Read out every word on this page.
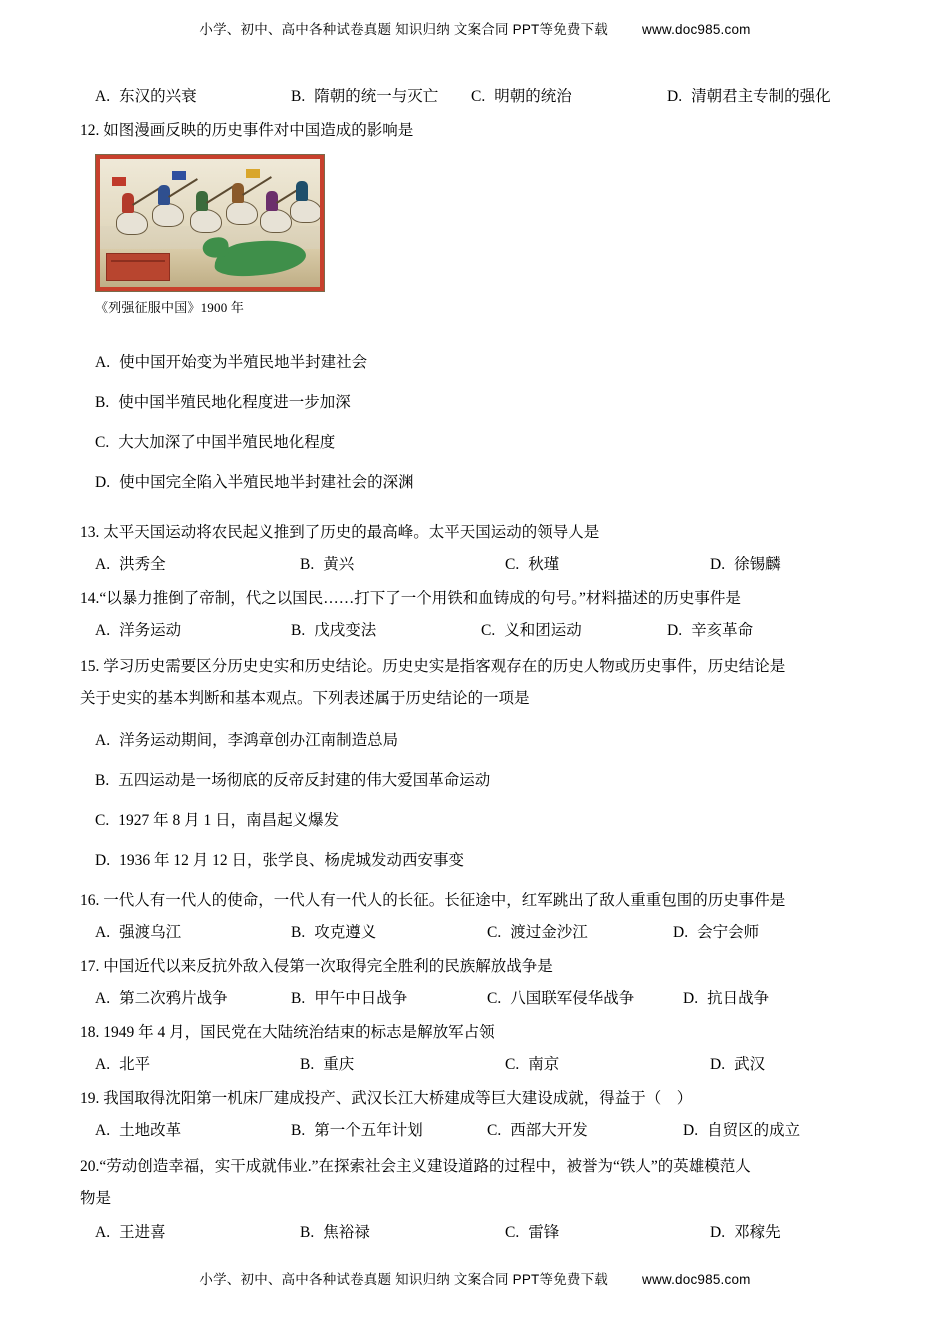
小学、初中、高中各种试卷真题 知识归纳 文案合同 PPT等免费下载	www.doc985.com
A. 东汉的兴衰	B. 隋朝的统一与灭亡 C. 明朝的统治	D. 清朝君主专制的强化

12. 如图漫画反映的历史事件对中国造成的影响是

《列强征服中国》1900 年
A. 使中国开始变为半殖民地半封建社会
B. 使中国半殖民地化程度进一步加深
C. 大大加深了中国半殖民地化程度
D. 使中国完全陷入半殖民地半封建社会的深渊

13. 太平天国运动将农民起义推到了历史的最高峰。太平天国运动的领导人是

A. 洪秀全	B. 黄兴	C. 秋瑾	D. 徐锡麟

14.“以暴力推倒了帝制，代之以国民……打下了一个用铁和血铸成的句号。”材料描述的历史事件是

A. 洋务运动	B. 戊戌变法	C. 义和团运动	D. 辛亥革命

15. 学习历史需要区分历史史实和历史结论。历史史实是指客观存在的历史人物或历史事件，历史结论是

关于史实的基本判断和基本观点。下列表述属于历史结论的一项是

A. 洋务运动期间，李鸿章创办江南制造总局
B. 五四运动是一场彻底的反帝反封建的伟大爱国革命运动
C. 1927 年 8 月 1 日，南昌起义爆发
D. 1936 年 12 月 12 日，张学良、杨虎城发动西安事变

16. 一代人有一代人的使命，一代人有一代人的长征。长征途中，红军跳出了敌人重重包围的历史事件是

A. 强渡乌江	B. 攻克遵义	C. 渡过金沙江	D. 会宁会师

17. 中国近代以来反抗外敌入侵第一次取得完全胜利的民族解放战争是

A. 第二次鸦片战争	B. 甲午中日战争	C. 八国联军侵华战争	D. 抗日战争

18. 1949 年 4 月，国民党在大陆统治结束的标志是解放军占领

A. 北平	B. 重庆	C. 南京	D. 武汉

19. 我国取得沈阳第一机床厂建成投产、武汉长江大桥建成等巨大建设成就，得益于（    ）

A. 土地改革	B. 第一个五年计划	C. 西部大开发	D. 自贸区的成立

20.“劳动创造幸福，实干成就伟业.”在探索社会主义建设道路的过程中，被誉为“铁人”的英雄模范人

物是

A. 王进喜	B. 焦裕禄	C. 雷锋	D. 邓稼先
小学、初中、高中各种试卷真题 知识归纳 文案合同 PPT等免费下载	www.doc985.com
